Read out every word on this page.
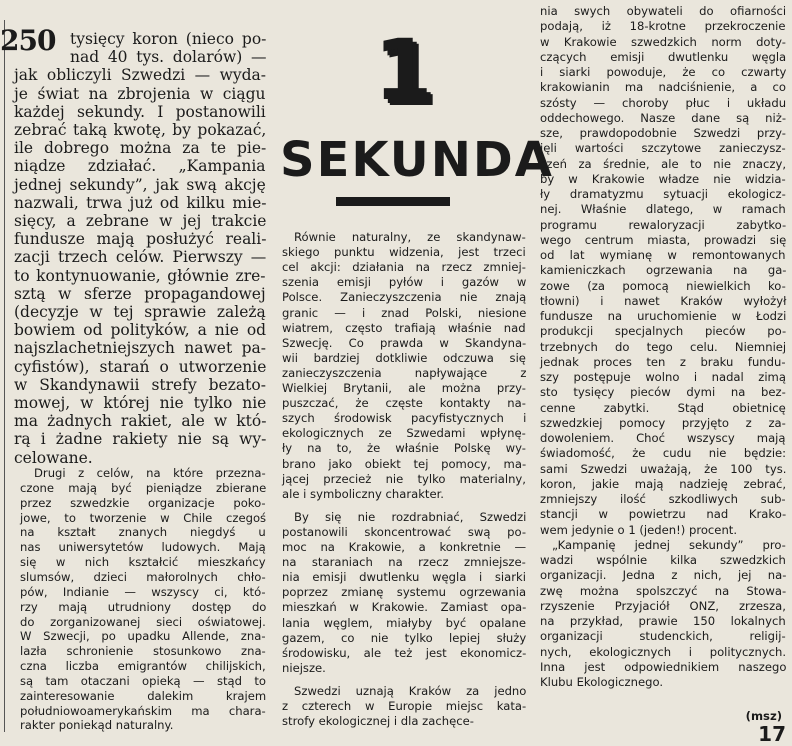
250 tysięcy koron (nieco po-
nad 40 tys. dolarów) —
jak obliczyli Szwedzi — wyda-
je świat na zbrojenia w ciągu
każdej sekundy. I postanowili
zebrać taką kwotę, by pokazać,
ile dobrego można za te pie-
niądze zdziałać. „Kampania
jednej sekundy”, jak swą akcję
nazwali, trwa już od kilku mie-
sięcy, a zebrane w jej trakcie
fundusze mają posłużyć reali-
zacji trzech celów. Pierwszy —
to kontynuowanie, głównie zre-
sztą w sferze propagandowej
(decyzje w tej sprawie zależą
bowiem od polityków, a nie od
najszlachetniejszych nawet pa-
cyfistów), starań o utworzenie
w Skandynawii strefy bezato-
mowej, w której nie tylko nie
ma żadnych rakiet, ale w któ-
rą i żadne rakiety nie są wy-
celowane.
Drugi z celów, na które przezna-
czone mają być pieniądze zbierane
przez szwedzkie organizacje poko-
jowe, to tworzenie w Chile czegoś
na kształt znanych niegdyś u
nas uniwersytetów ludowych. Mają
się w nich kształcić mieszkańcy
slumsów, dzieci małorolnych chło-
pów, Indianie — wszyscy ci, któ-
rzy mają utrudniony dostęp do
do zorganizowanej sieci oświatowej.
W Szwecji, po upadku Allende, zna-
lazła schronienie stosunkowo zna-
czna liczba emigrantów chilijskich,
są tam otaczani opieką — stąd to
zainteresowanie dalekim krajem
południowoamerykańskim ma chara-
rakter poniekąd naturalny.
1
SEKUNDA
Równie naturalny, ze skandynaw-
skiego punktu widzenia, jest trzeci
cel akcji: działania na rzecz zmniej-
szenia emisji pyłów i gazów w
Polsce. Zanieczyszczenia nie znają
granic — i znad Polski, niesione
wiatrem, często trafiają właśnie nad
Szwecję. Co prawda w Skandyna-
wii bardziej dotkliwie odczuwa się
zanieczyszczenia napływające z
Wielkiej Brytanii, ale można przy-
puszczać, że częste kontakty na-
szych środowisk pacyfistycznych i
ekologicznych ze Szwedami wpłynę-
ły na to, że właśnie Polskę wy-
brano jako obiekt tej pomocy, ma-
jącej przecież nie tylko materialny,
ale i symboliczny charakter.
By się nie rozdrabniać, Szwedzi
postanowili skoncentrować swą po-
moc na Krakowie, a konkretnie —
na staraniach na rzecz zmniejsze-
nia emisji dwutlenku węgla i siarki
poprzez zmianę systemu ogrzewania
mieszkań w Krakowie. Zamiast opa-
lania węglem, miałyby być opalane
gazem, co nie tylko lepiej służy
środowisku, ale też jest ekonomicz-
niejsze.
Szwedzi uznają Kraków za jedno
z czterech w Europie miejsc kata-
strofy ekologicznej i dla zachęce-
nia swych obywateli do ofiarności
podają, iż 18-krotne przekroczenie
w Krakowie szwedzkich norm doty-
czących emisji dwutlenku węgla
i siarki powoduje, że co czwarty
krakowianin ma nadciśnienie, a co
szósty — choroby płuc i układu
oddechowego. Nasze dane są niż-
sze, prawdopodobnie Szwedzi przy-
jęli wartości szczytowe zanieczysz-
czeń za średnie, ale to nie znaczy,
by w Krakowie władze nie widzia-
ły dramatyzmu sytuacji ekologicz-
nej. Właśnie dlatego, w ramach
programu rewaloryzacji zabytko-
wego centrum miasta, prowadzi się
od lat wymianę w remontowanych
kamieniczkach ogrzewania na ga-
zowe (za pomocą niewielkich ko-
tłowni) i nawet Kraków wyłożył
fundusze na uruchomienie w Łodzi
produkcji specjalnych pieców po-
trzebnych do tego celu. Niemniej
jednak proces ten z braku fundu-
szy postępuje wolno i nadal zimą
sto tysięcy pieców dymi na bez-
cenne zabytki. Stąd obietnicę
szwedzkiej pomocy przyjęto z za-
dowoleniem. Choć wszyscy mają
świadomość, że cudu nie będzie:
sami Szwedzi uważają, że 100 tys.
koron, jakie mają nadzieję zebrać,
zmniejszy ilość szkodliwych sub-
stancji w powietrzu nad Krako-
wem jedynie o 1 (jeden!) procent.
„Kampanię jednej sekundy” pro-
wadzi wspólnie kilka szwedzkich
organizacji. Jedna z nich, jej na-
zwę można spolszczyć na Stowa-
rzyszenie Przyjaciół ONZ, zrzesza,
na przykład, prawie 150 lokalnych
organizacji studenckich, religij-
nych, ekologicznych i politycznych.
Inna jest odpowiednikiem naszego
Klubu Ekologicznego.
(msz)
17
